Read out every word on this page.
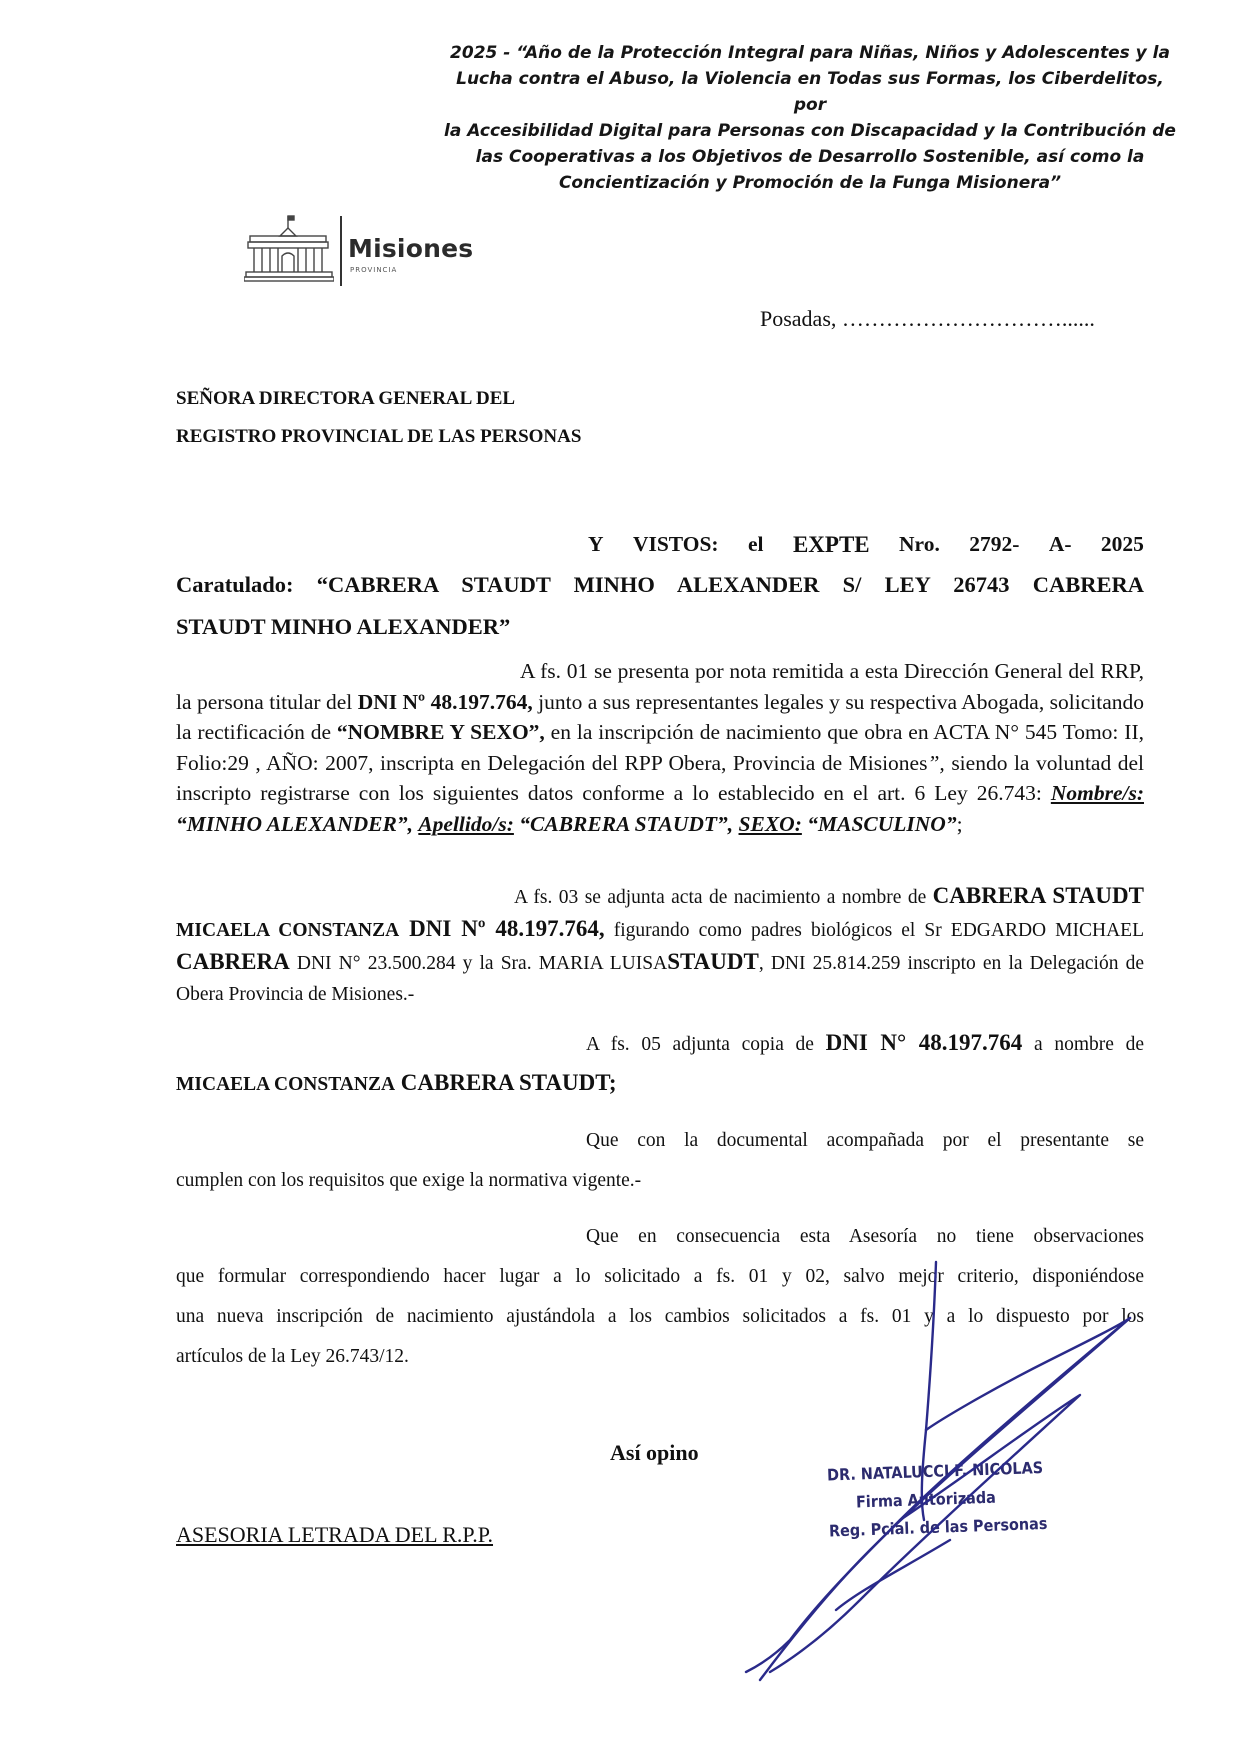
2025 - “Año de la Protección Integral para Niñas, Niños y Adolescentes y la
Lucha contra el Abuso, la Violencia en Todas sus Formas, los Ciberdelitos, por
la Accesibilidad Digital para Personas con Discapacidad y la Contribución de
las Cooperativas a los Objetivos de Desarrollo Sostenible, así como la
Concientización y Promoción de la Funga Misionera”
Misiones
PROVINCIA
Posadas, …………………………......
SEÑORA DIRECTORA GENERAL DEL
REGISTRO PROVINCIAL DE LAS PERSONAS
Y VISTOS: el EXPTE Nro. 2792- A- 2025
Caratulado: “CABRERA STAUDT MINHO ALEXANDER S/ LEY 26743 CABRERA
STAUDT MINHO ALEXANDER”
A fs. 01 se presenta por nota remitida a esta Dirección General del RRP, la persona titular del DNI Nº 48.197.764, junto a sus representantes legales y su respectiva Abogada, solicitando la rectificación de “NOMBRE Y SEXO”, en la inscripción de nacimiento que obra en ACTA N° 545 Tomo: II, Folio:29 , AÑO: 2007, inscripta en Delegación del RPP Obera, Provincia de Misiones”, siendo la voluntad del inscripto registrarse con los siguientes datos conforme a lo establecido en el art. 6 Ley 26.743: Nombre/s: “MINHO ALEXANDER”, Apellido/s: “CABRERA STAUDT”, SEXO: “MASCULINO”;
A fs. 03 se adjunta acta de nacimiento a nombre de CABRERA STAUDT MICAELA CONSTANZA DNI Nº 48.197.764, figurando como padres biológicos el Sr EDGARDO MICHAEL CABRERA DNI N° 23.500.284 y la Sra. MARIA LUISASTAUDT, DNI 25.814.259 inscripto en la Delegación de Obera Provincia de Misiones.-
A fs. 05 adjunta copia de DNI N° 48.197.764 a nombre de
MICAELA CONSTANZA CABRERA STAUDT;
Que con la documental acompañada por el presentante se
cumplen con los requisitos que exige la normativa vigente.-
Que en consecuencia esta Asesoría no tiene observaciones
que formular correspondiendo hacer lugar a lo solicitado a fs. 01 y 02, salvo mejor criterio, disponiéndose
una nueva inscripción de nacimiento ajustándola a los cambios solicitados a fs. 01 y a lo dispuesto por los
artículos de la Ley 26.743/12.
Así opino
ASESORIA LETRADA DEL R.P.P.
DR. NATALUCCI F. NICOLAS
Firma Autorizada
Reg. Pcial. de las Personas
